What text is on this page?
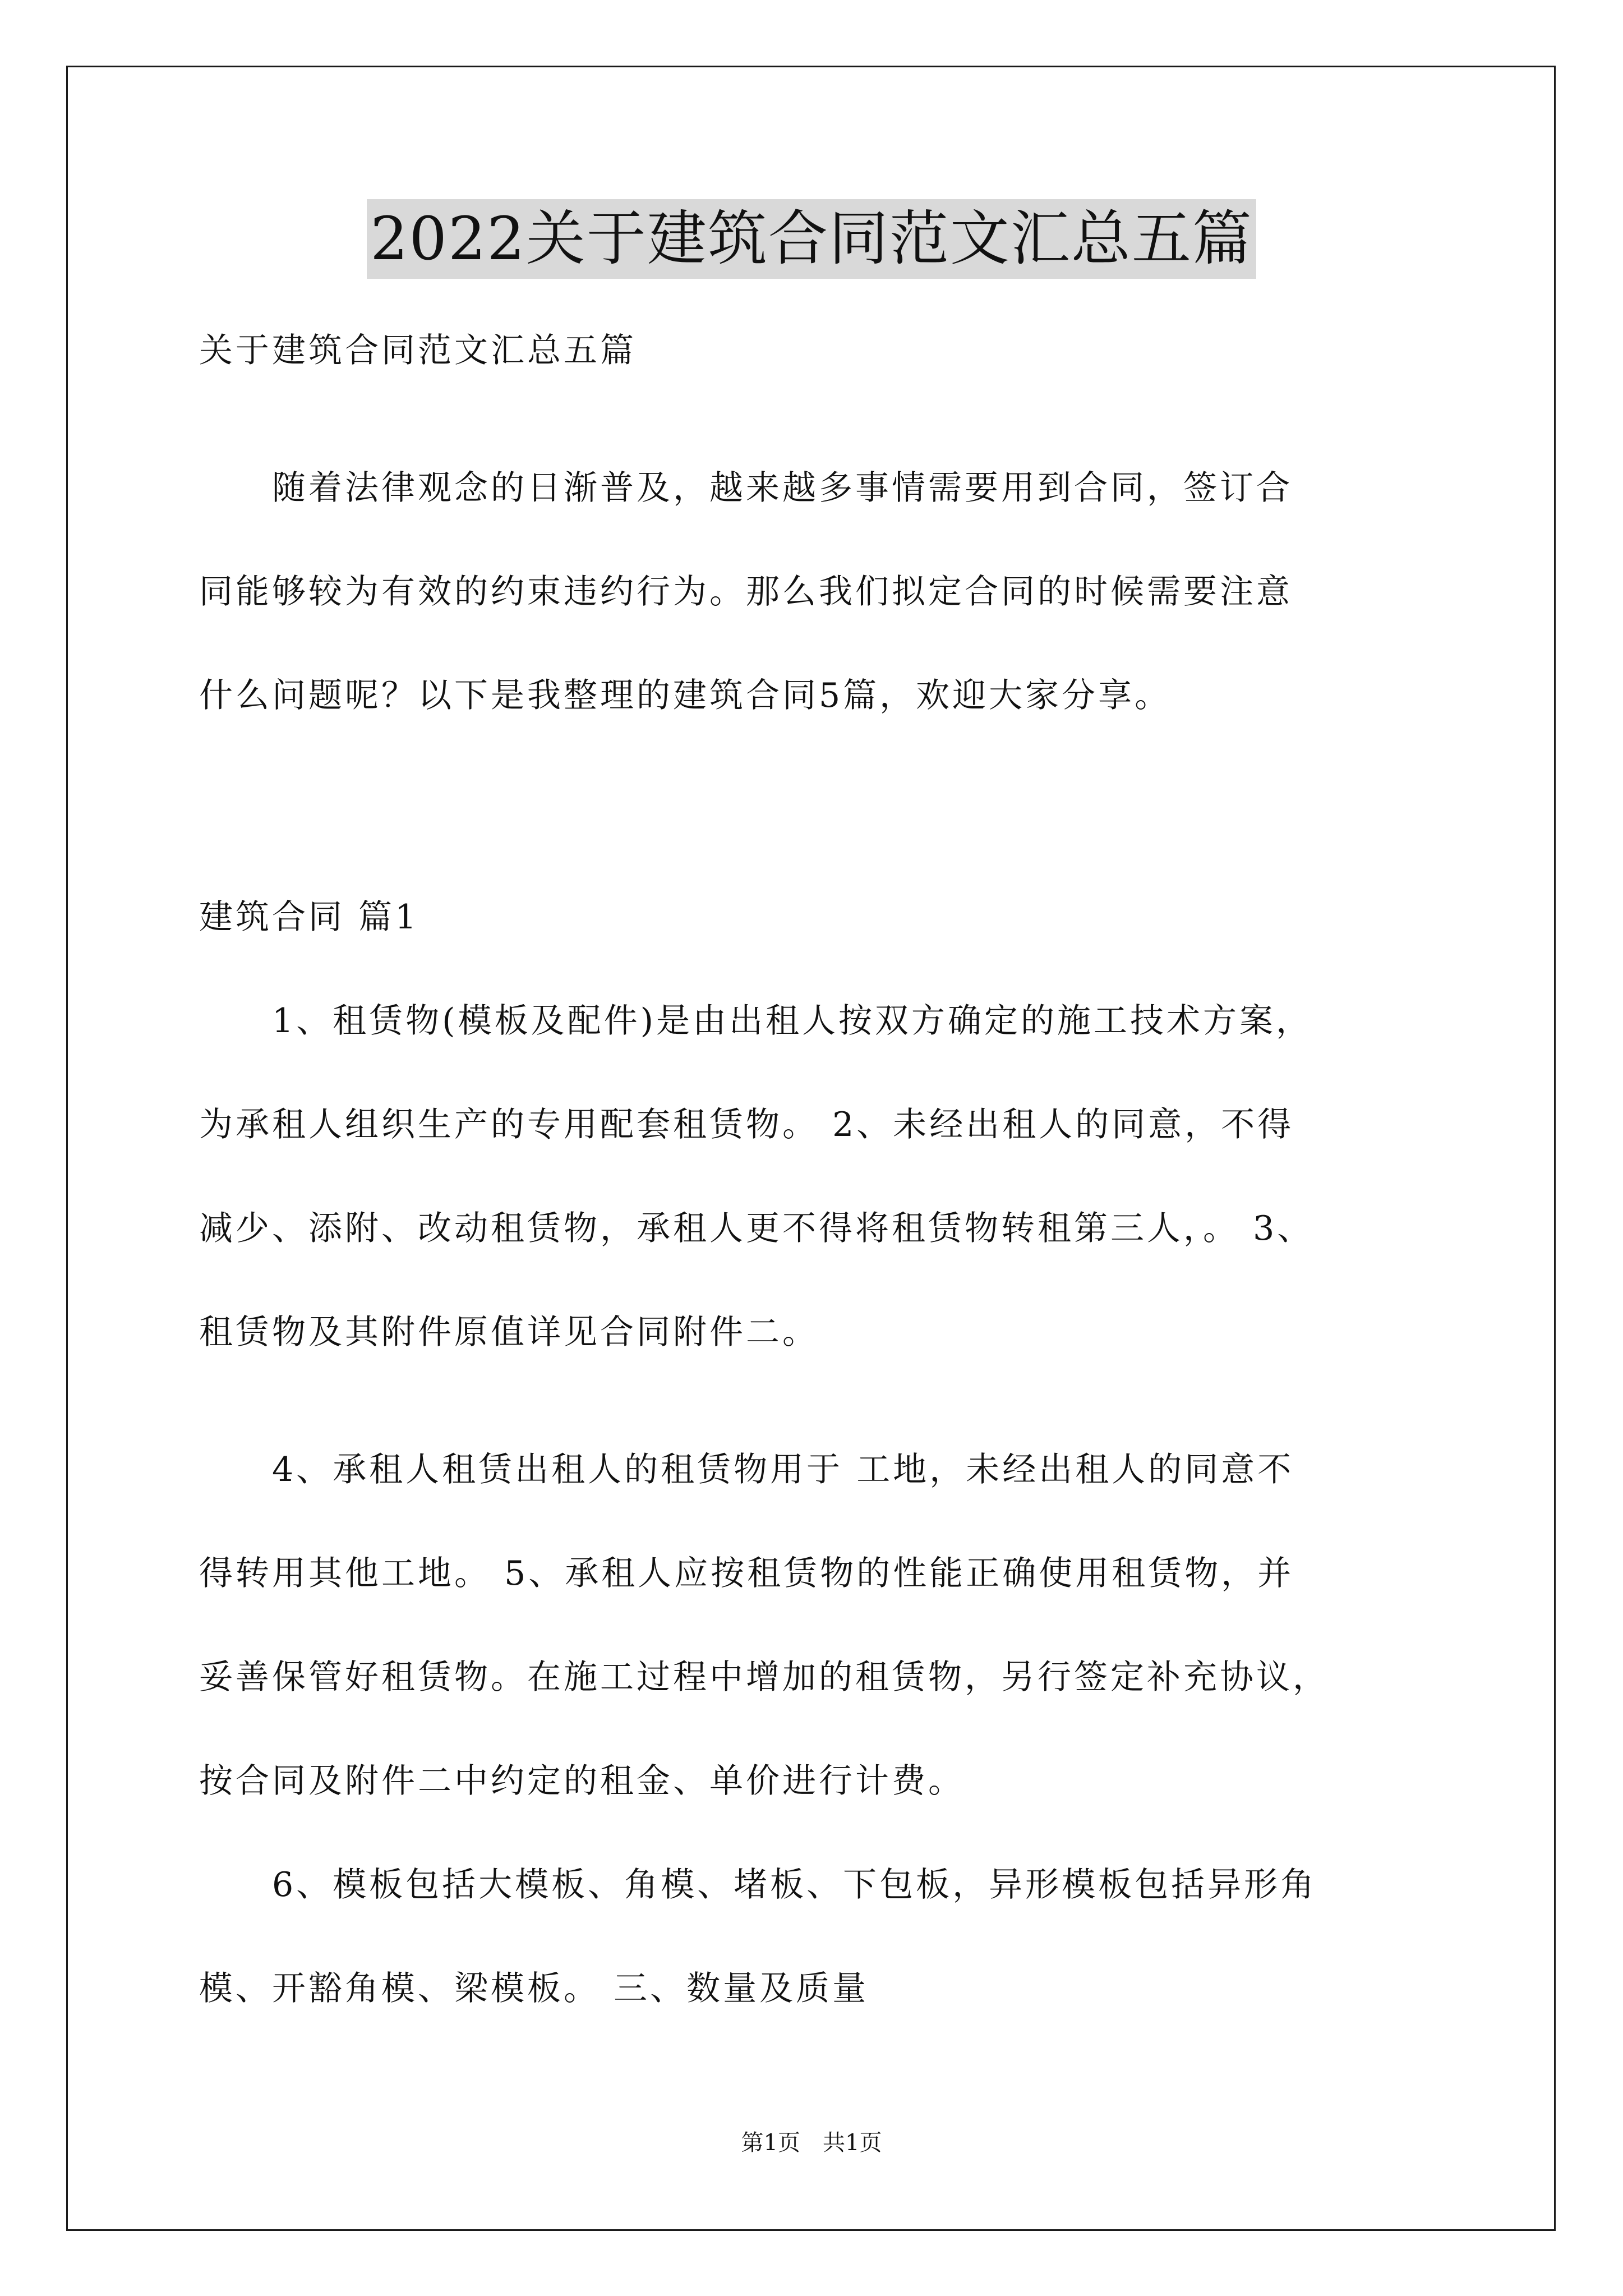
2022关于建筑合同范文汇总五篇
关于建筑合同范文汇总五篇
　　随着法律观念的日渐普及，越来越多事情需要用到合同，签订合
同能够较为有效的约束违约行为。那么我们拟定合同的时候需要注意
什么问题呢？以下是我整理的建筑合同5篇，欢迎大家分享。
建筑合同 篇1
　　1、租赁物(模板及配件)是由出租人按双方确定的施工技术方案，
为承租人组织生产的专用配套租赁物。 2、未经出租人的同意，不得
减少、添附、改动租赁物，承租人更不得将租赁物转租第三人，。 3、
租赁物及其附件原值详见合同附件二。
　　4、承租人租赁出租人的租赁物用于 工地，未经出租人的同意不
得转用其他工地。 5、承租人应按租赁物的性能正确使用租赁物，并
妥善保管好租赁物。在施工过程中增加的租赁物，另行签定补充协议，
按合同及附件二中约定的租金、单价进行计费。
　　6、模板包括大模板、角模、堵板、下包板，异形模板包括异形角
模、开豁角模、梁模板。 三、数量及质量
第1页　共1页
